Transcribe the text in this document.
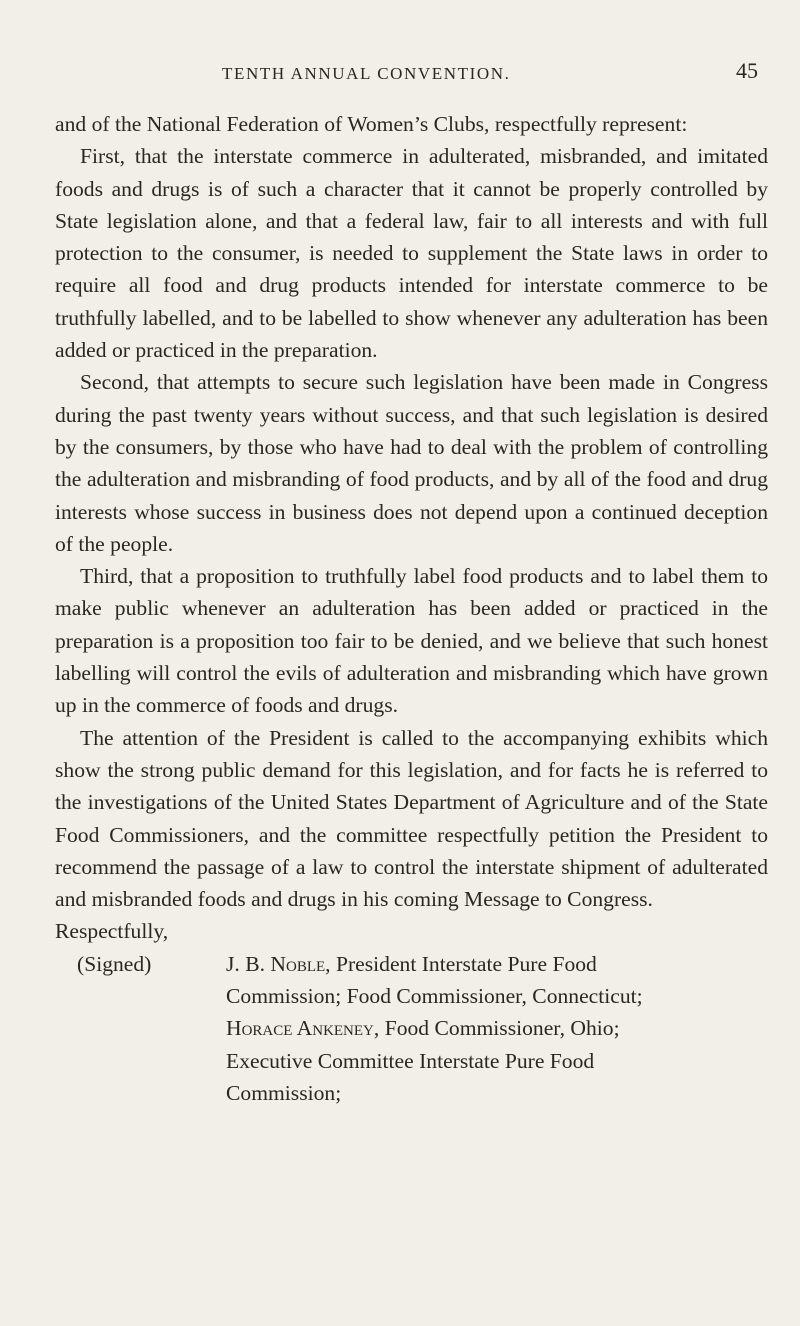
TENTH ANNUAL CONVENTION.	45

and of the National Federation of Women’s Clubs, respectfully represent:

First, that the interstate commerce in adulterated, misbranded, and imitated foods and drugs is of such a character that it cannot be properly controlled by State legislation alone, and that a federal law, fair to all interests and with full protection to the consumer, is needed to supplement the State laws in order to require all food and drug products intended for interstate commerce to be truthfully labelled, and to be labelled to show whenever any adulteration has been added or practiced in the preparation.

Second, that attempts to secure such legislation have been made in Congress during the past twenty years without success, and that such legislation is desired by the consumers, by those who have had to deal with the problem of controlling the adulteration and misbranding of food products, and by all of the food and drug interests whose success in business does not depend upon a continued deception of the people.

Third, that a proposition to truthfully label food products and to label them to make public whenever an adulteration has been added or practiced in the preparation is a proposition too fair to be denied, and we believe that such honest labelling will control the evils of adulteration and misbranding which have grown up in the commerce of foods and drugs.

The attention of the President is called to the accompanying exhibits which show the strong public demand for this legislation, and for facts he is referred to the investigations of the United States Department of Agriculture and of the State Food Commissioners, and the committee respectfully petition the President to recommend the passage of a law to control the interstate shipment of adulterated and misbranded foods and drugs in his coming Message to Congress.

Respectfully,

(Signed)	J. B. Noble, President Interstate Pure Food
Commission; Food Commissioner, Connecticut;
Horace Ankeney, Food Commissioner, Ohio;
Executive Committee Interstate Pure Food
Commission;
